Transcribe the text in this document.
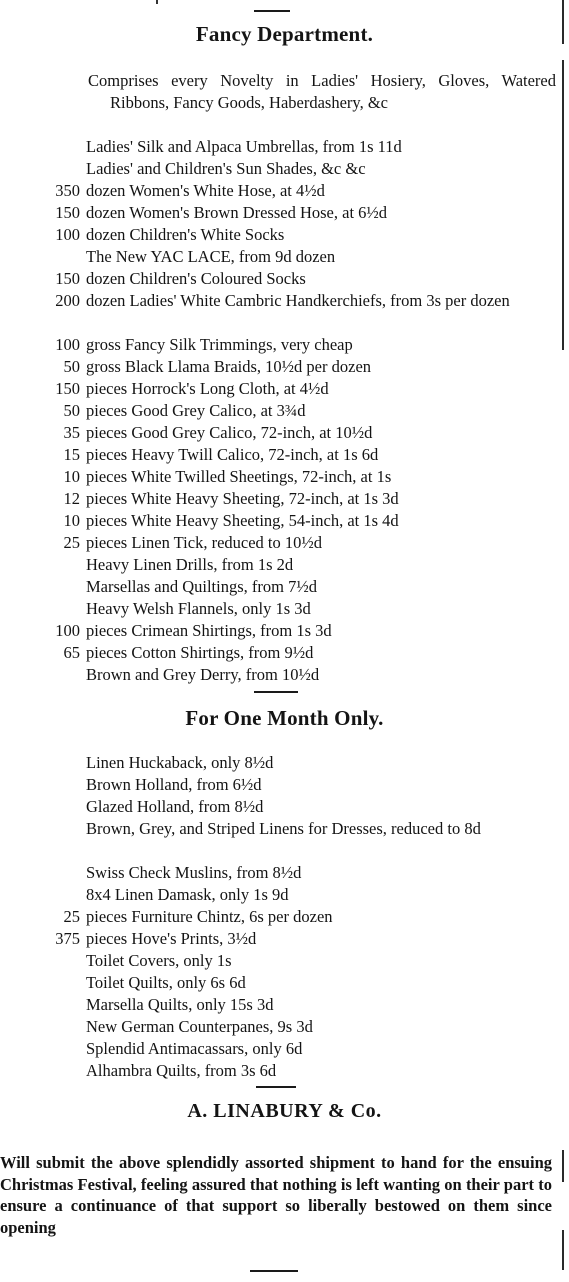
Fancy Department.
Comprises every Novelty in Ladies' Hosiery, Gloves, Watered Ribbons, Fancy Goods, Haberdashery, &c
Ladies' Silk and Alpaca Umbrellas, from 1s 11d
Ladies' and Children's Sun Shades, &c &c
350 dozen Women's White Hose, at 4½d
150 dozen Women's Brown Dressed Hose, at 6½d
100 dozen Children's White Socks
The New YAC LACE, from 9d dozen
150 dozen Children's Coloured Socks
200 dozen Ladies' White Cambric Handkerchiefs, from 3s per dozen
100 gross Fancy Silk Trimmings, very cheap
50 gross Black Llama Braids, 10½d per dozen
150 pieces Horrock's Long Cloth, at 4½d
50 pieces Good Grey Calico, at 3¾d
35 pieces Good Grey Calico, 72-inch, at 10½d
15 pieces Heavy Twill Calico, 72-inch, at 1s 6d
10 pieces White Twilled Sheetings, 72-inch, at 1s
12 pieces White Heavy Sheeting, 72-inch, at 1s 3d
10 pieces White Heavy Sheeting, 54-inch, at 1s 4d
25 pieces Linen Tick, reduced to 10½d
Heavy Linen Drills, from 1s 2d
Marsellas and Quiltings, from 7½d
Heavy Welsh Flannels, only 1s 3d
100 pieces Crimean Shirtings, from 1s 3d
65 pieces Cotton Shirtings, from 9½d
Brown and Grey Derry, from 10½d
For One Month Only.
Linen Huckaback, only 8½d
Brown Holland, from 6½d
Glazed Holland, from 8½d
Brown, Grey, and Striped Linens for Dresses, reduced to 8d
Swiss Check Muslins, from 8½d
8x4 Linen Damask, only 1s 9d
25 pieces Furniture Chintz, 6s per dozen
375 pieces Hove's Prints, 3½d
Toilet Covers, only 1s
Toilet Quilts, only 6s 6d
Marsella Quilts, only 15s 3d
New German Counterpanes, 9s 3d
Splendid Antimacassars, only 6d
Alhambra Quilts, from 3s 6d
A. LINABURY & Co.
Will submit the above splendidly assorted shipment to hand for the ensuing Christmas Festival, feeling assured that nothing is left wanting on their part to ensure a continuance of that support so liberally bestowed on them since opening
